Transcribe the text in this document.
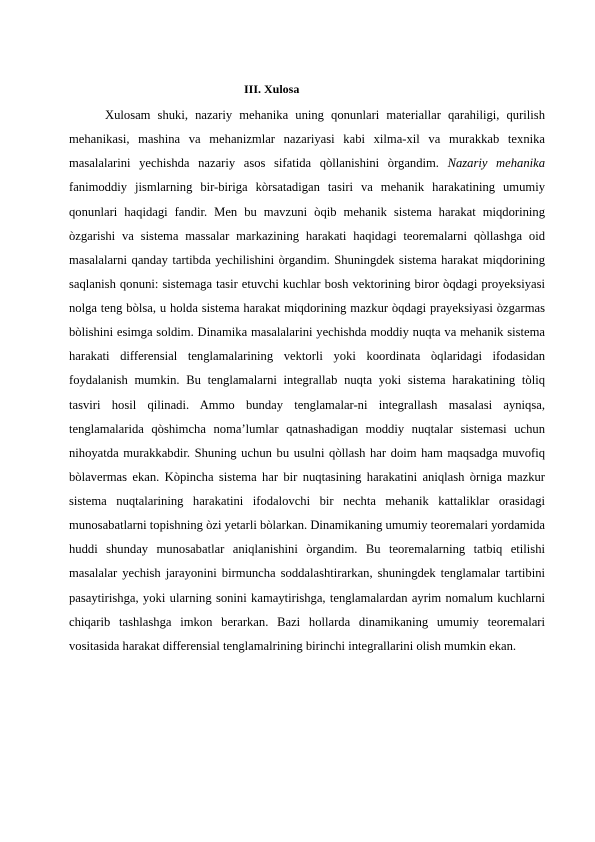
III. Xulosa

Xulosam shuki, nazariy mehanika uning qonunlari materiallar qarahiligi, qurilish mehanikasi, mashina va mehanizmlar nazariyasi kabi xilma-xil va murakkab texnika masalalarini yechishda nazariy asos sifatida qòllanishini òrgandim. Nazariy mehanika fanimoddiy jismlarning bir-biriga kòrsatadigan tasiri va mehanik harakatining umumiy qonunlari haqidagi fandir. Men bu mavzuni òqib mehanik sistema harakat miqdorining òzgarishi va sistema massalar markazining harakati haqidagi teoremalarni qòllashga oid masalalarni qanday tartibda yechilishini òrgandim. Shuningdek sistema harakat miqdorining saqlanish qonuni: sistemaga tasir etuvchi kuchlar bosh vektorining biror òqdagi proyeksiyasi nolga teng bòlsa, u holda sistema harakat miqdorining mazkur òqdagi prayeksiyasi òzgarmas bòlishini esimga soldim. Dinamika masalalarini yechishda moddiy nuqta va mehanik sistema harakati differensial tenglamalarining vektorli yoki koordinata òqlaridagi ifodasidan foydalanish mumkin. Bu tenglamalarni integrallab nuqta yoki sistema harakatining tòliq tasviri hosil qilinadi. Ammo bunday tenglamalar-ni integrallash masalasi ayniqsa, tenglamalarida qòshimcha noma’lumlar qatnashadigan moddiy nuqtalar sistemasi uchun nihoyatda murakkabdir. Shuning uchun bu usulni qòllash har doim ham maqsadga muvofiq bòlavermas ekan. Kòpincha sistema har bir nuqtasining harakatini aniqlash òrniga mazkur sistema nuqtalarining harakatini ifodalovchi bir nechta mehanik kattaliklar orasidagi munosabatlarni topishning òzi yetarli bòlarkan. Dinamikaning umumiy teoremalari yordamida huddi shunday munosabatlar aniqlanishini òrgandim. Bu teoremalarning tatbiq etilishi masalalar yechish jarayonini birmuncha soddalashtirarkan, shuningdek tenglamalar tartibini pasaytirishga, yoki ularning sonini kamaytirishga, tenglamalardan ayrim nomalum kuchlarni chiqarib tashlashga imkon berarkan. Bazi hollarda dinamikaning umumiy teoremalari vositasida harakat differensial tenglamalrining birinchi integrallarini olish mumkin ekan.
